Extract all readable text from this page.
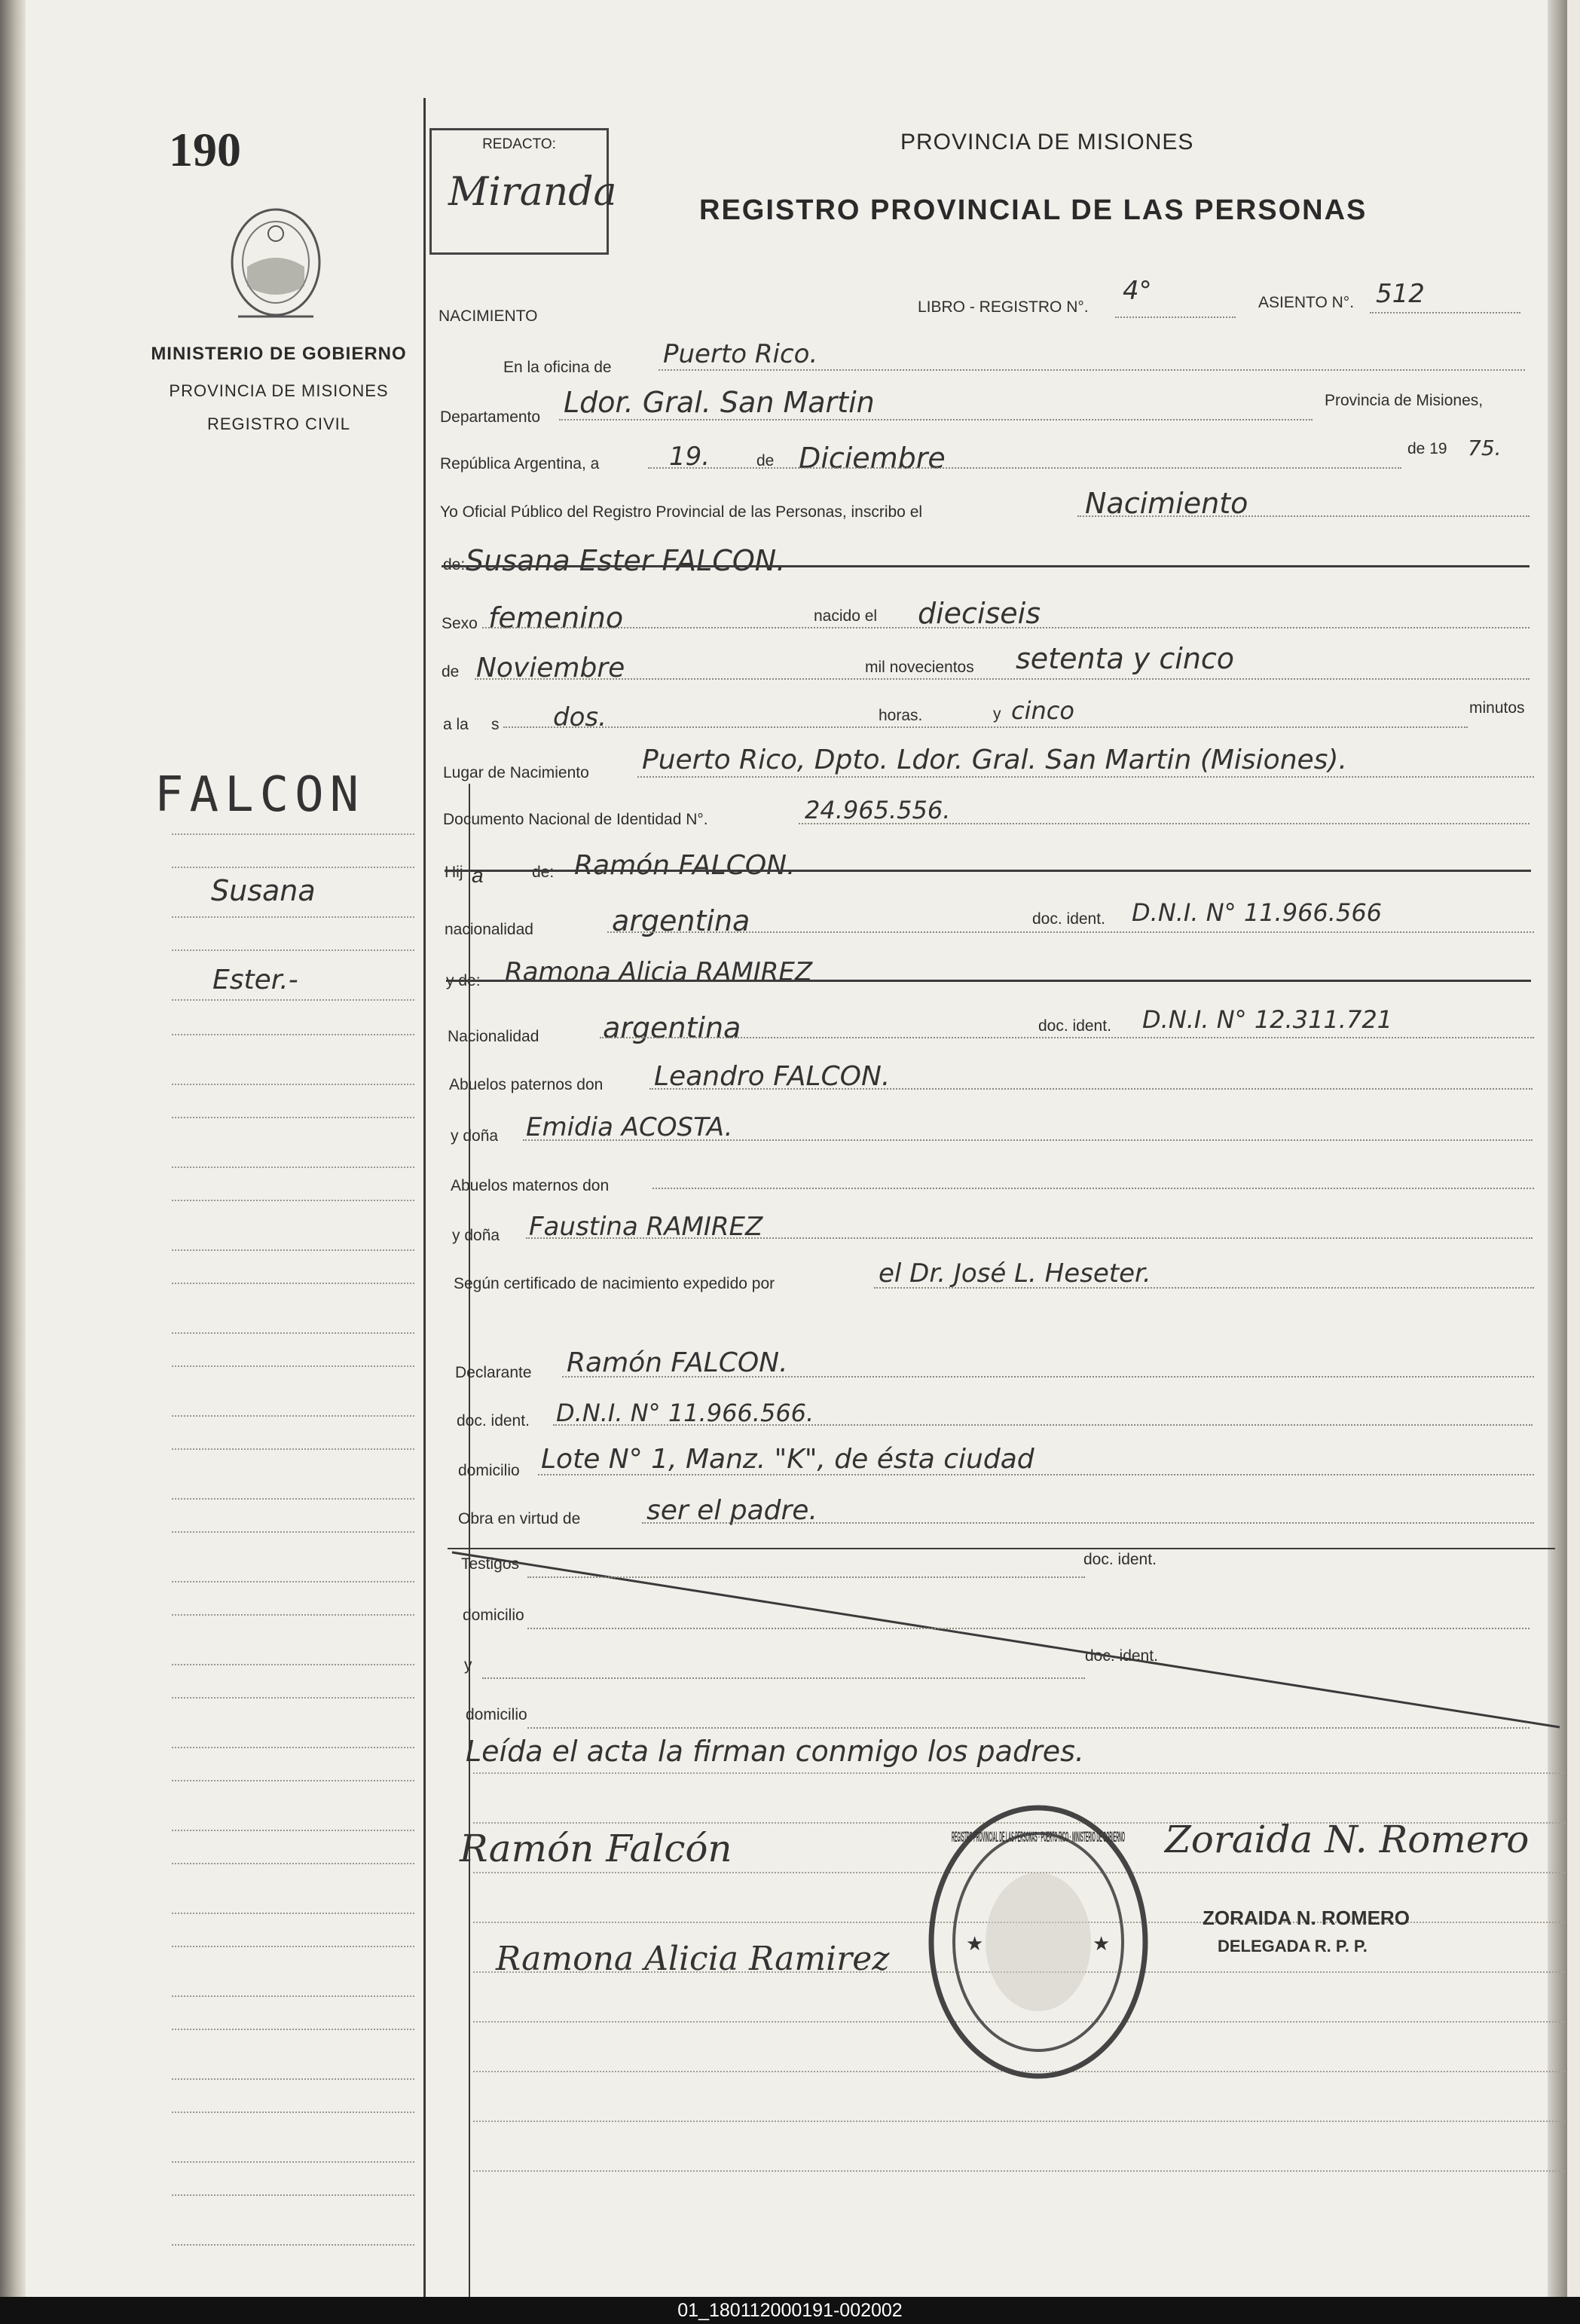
190
MINISTERIO DE GOBIERNO
PROVINCIA DE MISIONES
REGISTRO CIVIL
FALCON
Susana
Ester.-
REDACTO:
Miranda
PROVINCIA DE MISIONES
REGISTRO PROVINCIAL DE LAS PERSONAS
NACIMIENTO
LIBRO - REGISTRO N°.
4°	ASIENTO N°. 512
En la oficina de Puerto Rico.
Departamento Ldor. Gral. San Martin	Provincia de Misiones,
República Argentina, a	19.	de Diciembre	de 19 75.
Yo Oficial Público del Registro Provincial de las Personas, inscribo el	Nacimiento
de: Susana Ester FALCON.
Sexo femenino	nacido el dieciseis
de Noviembre	mil novecientos setenta y cinco
a la s dos.	horas.	y cinco	minutos
Lugar de Nacimiento Puerto Rico, Dpto. Ldor. Gral. San Martin (Misiones).
Documento Nacional de Identidad N°.	24.965.556.
Hij a	de: Ramón FALCON.
nacionalidad	argentina	doc. ident. D.N.I. N° 11.966.566
y de: Ramona Alicia RAMIREZ
Nacionalidad argentina	doc. ident. D.N.I. N° 12.311.721
Abuelos paternos don Leandro FALCON.
y doña Emidia ACOSTA.
Abuelos maternos don
y doña Faustina RAMIREZ
Según certificado de nacimiento expedido por	el Dr. José L. Heseter.
Declarante Ramón FALCON.
doc. ident. D.N.I. N° 11.966.566.
domicilio Lote N° 1, Manz. "K", de ésta ciudad
Obra en virtud de ser el padre.
Testigos	doc. ident.
domicilio
y
doc. ident.
domicilio
Leída el acta la firman conmigo los padres.
Ramón Falcón
Ramona Alicia Ramirez
Zoraida N. Romero
REGISTRO PROVINCIAL DE LAS PERSONAS · PUERTO RICO · MINISTERIO DE GOBIERNO
★	★
ZORAIDA N. ROMERO
DELEGADA R. P. P.
01_180112000191-002002
